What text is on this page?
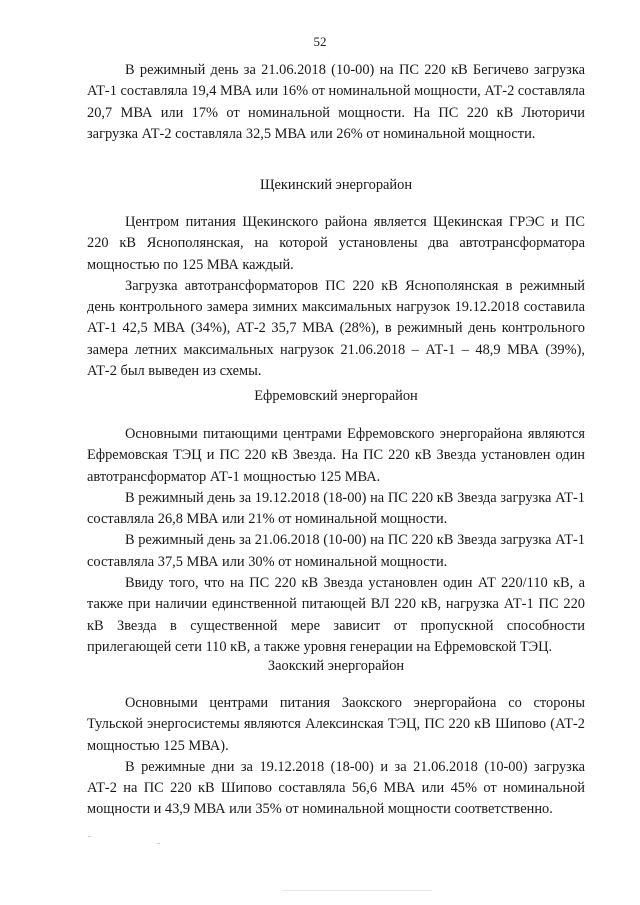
52

В режимный день за 21.06.2018 (10-00) на ПС 220 кВ Бегичево загрузка АТ-1 составляла 19,4 МВА или 16% от номинальной мощности, АТ-2 составляла 20,7 МВА или 17% от номинальной мощности. На ПС 220 кВ Лютоpичи загрузка АТ-2 составляла 32,5 МВА или 26% от номинальной мощности.

Щекинский энергорайон

Центром питания Щекинского района является Щекинская ГРЭС и ПС 220 кВ Яснополянская, на которой установлены два автотрансформатора мощностью по 125 МВА каждый.

Загрузка автотрансформаторов ПС 220 кВ Яснополянская в режимный день контрольного замера зимних максимальных нагрузок 19.12.2018 составила АТ-1 42,5 МВА (34%), АТ-2 35,7 МВА (28%), в режимный день контрольного замера летних максимальных нагрузок 21.06.2018 – АТ-1 – 48,9 МВА (39%), АТ-2 был выведен из схемы.

Ефремовский энергорайон

Основными питающими центрами Ефремовского энергорайона являются Ефремовская ТЭЦ и ПС 220 кВ Звезда. На ПС 220 кВ Звезда установлен один автотрансформатор АТ-1 мощностью 125 МВА.

В режимный день за 19.12.2018 (18-00) на ПС 220 кВ Звезда загрузка АТ-1 составляла 26,8 МВА или 21% от номинальной мощности.

В режимный день за 21.06.2018 (10-00) на ПС 220 кВ Звезда загрузка АТ-1 составляла 37,5 МВА или 30% от номинальной мощности.

Ввиду того, что на ПС 220 кВ Звезда установлен один АТ 220/110 кВ, а также при наличии единственной питающей ВЛ 220 кВ, нагрузка АТ-1 ПС 220 кВ Звезда в существенной мере зависит от пропускной способности прилегающей сети 110 кВ, а также уровня генерации на Ефремовской ТЭЦ.

Заокский энергорайон

Основными центрами питания Заокского энергорайона со стороны Тульской энергосистемы являются Алексинская ТЭЦ, ПС 220 кВ Шипово (АТ-2 мощностью 125 МВА).

В режимные дни за 19.12.2018 (18-00) и за 21.06.2018 (10-00) загрузка АТ-2 на ПС 220 кВ Шипово составляла 56,6 МВА или 45% от номинальной мощности и 43,9 МВА или 35% от номинальной мощности соответственно.
